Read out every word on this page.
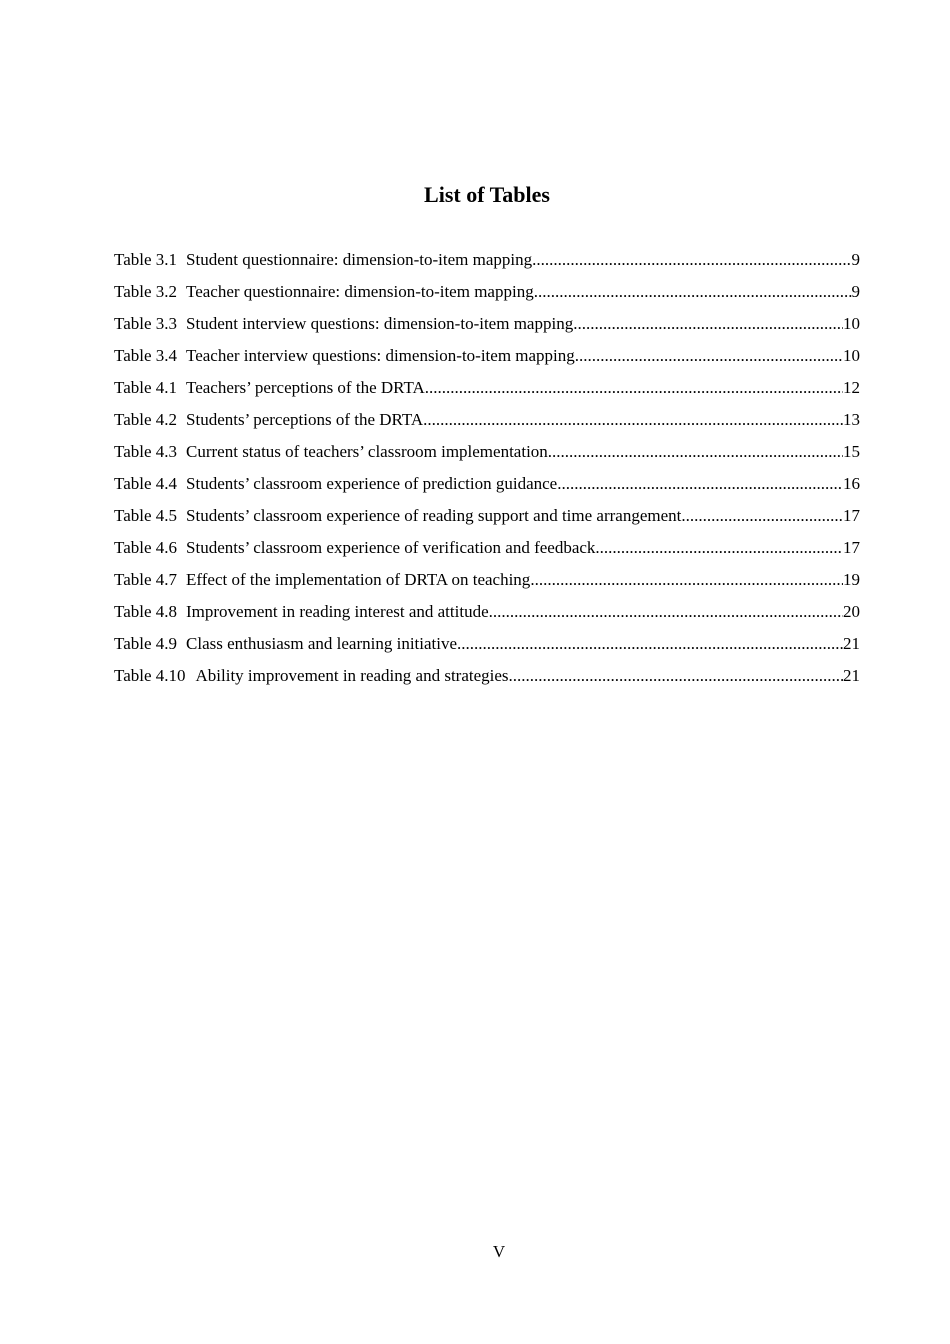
List of Tables
Table 3.1 Student questionnaire: dimension-to-item mapping .....	9
Table 3.2 Teacher questionnaire: dimension-to-item mapping .....	9
Table 3.3 Student interview questions: dimension-to-item mapping .....	10
Table 3.4 Teacher interview questions: dimension-to-item mapping .....	10
Table 4.1 Teachers’ perceptions of the DRTA .....	12
Table 4.2 Students’ perceptions of the DRTA .....	13
Table 4.3 Current status of teachers’ classroom implementation .....	15
Table 4.4 Students’ classroom experience of prediction guidance .....	16
Table 4.5 Students’ classroom experience of reading support and time arrangement .....	17
Table 4.6 Students’ classroom experience of verification and feedback .....	17
Table 4.7 Effect of the implementation of DRTA on teaching .....	19
Table 4.8 Improvement in reading interest and attitude .....	20
Table 4.9 Class enthusiasm and learning initiative .....	21
Table 4.10 Ability improvement in reading and strategies .....	21
V
